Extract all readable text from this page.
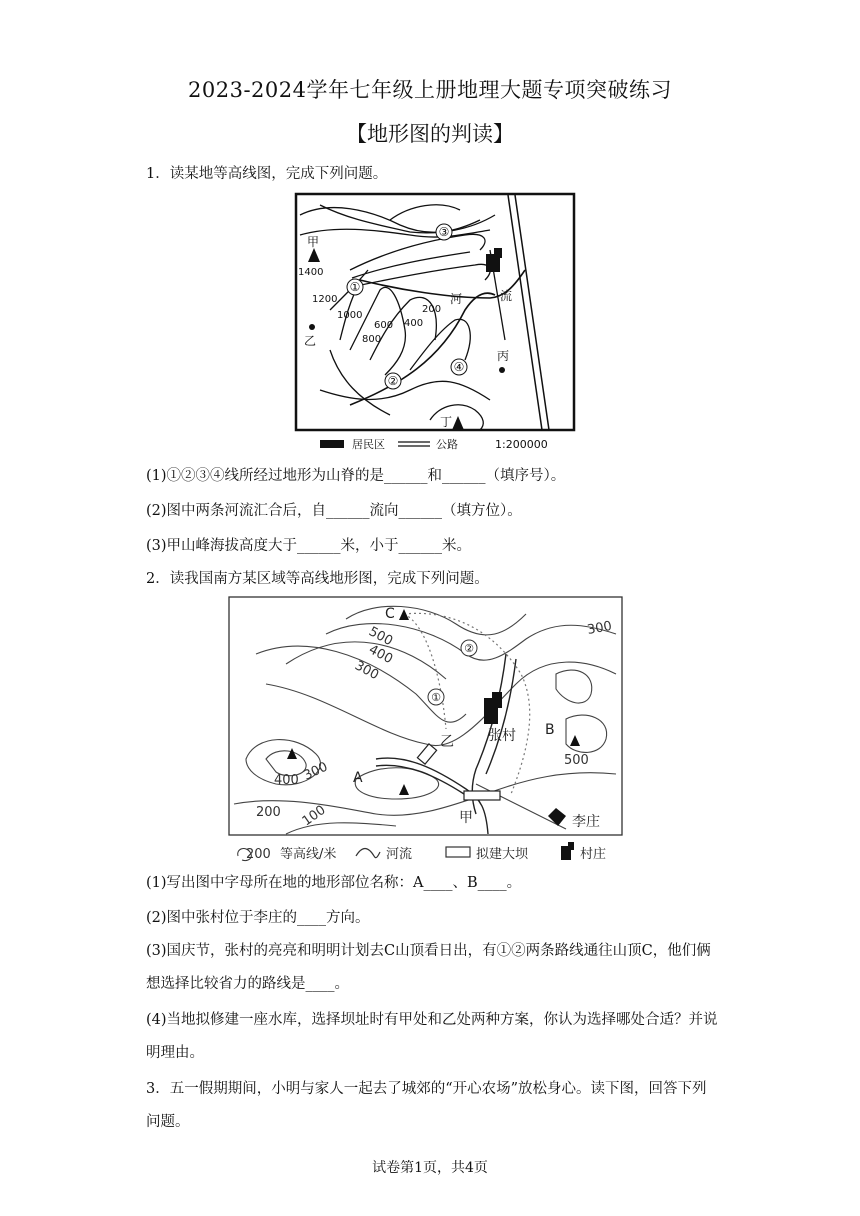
2023-2024学年七年级上册地理大题专项突破练习
【地形图的判读】
1．读某地等高线图，完成下列问题。
①
②
③
④
甲
乙
丙
丁
河	流
1400
1200
1000
800
600 400
200
居民区	公路	1:200000
(1)①②③④线所经过地形为山脊的是______和______（填序号）。
(2)图中两条河流汇合后，自______流向______（填方位）。
(3)甲山峰海拔高度大于______米，小于______米。
2．读我国南方某区域等高线地形图，完成下列问题。
①
②
C
A
B
乙
甲
张村
李庄
500
400
300
300
400 300	500
200 100
200 等高线/米	河流	拟建大坝	村庄
(1)写出图中字母所在地的地形部位名称：A____、B____。
(2)图中张村位于李庄的____方向。
(3)国庆节，张村的亮亮和明明计划去C山顶看日出，有①②两条路线通往山顶C，他们俩想选择比较省力的路线是____。
(4)当地拟修建一座水库，选择坝址时有甲处和乙处两种方案，你认为选择哪处合适？并说明理由。
3．五一假期期间，小明与家人一起去了城郊的“开心农场”放松身心。读下图，回答下列问题。
试卷第1页，共4页
